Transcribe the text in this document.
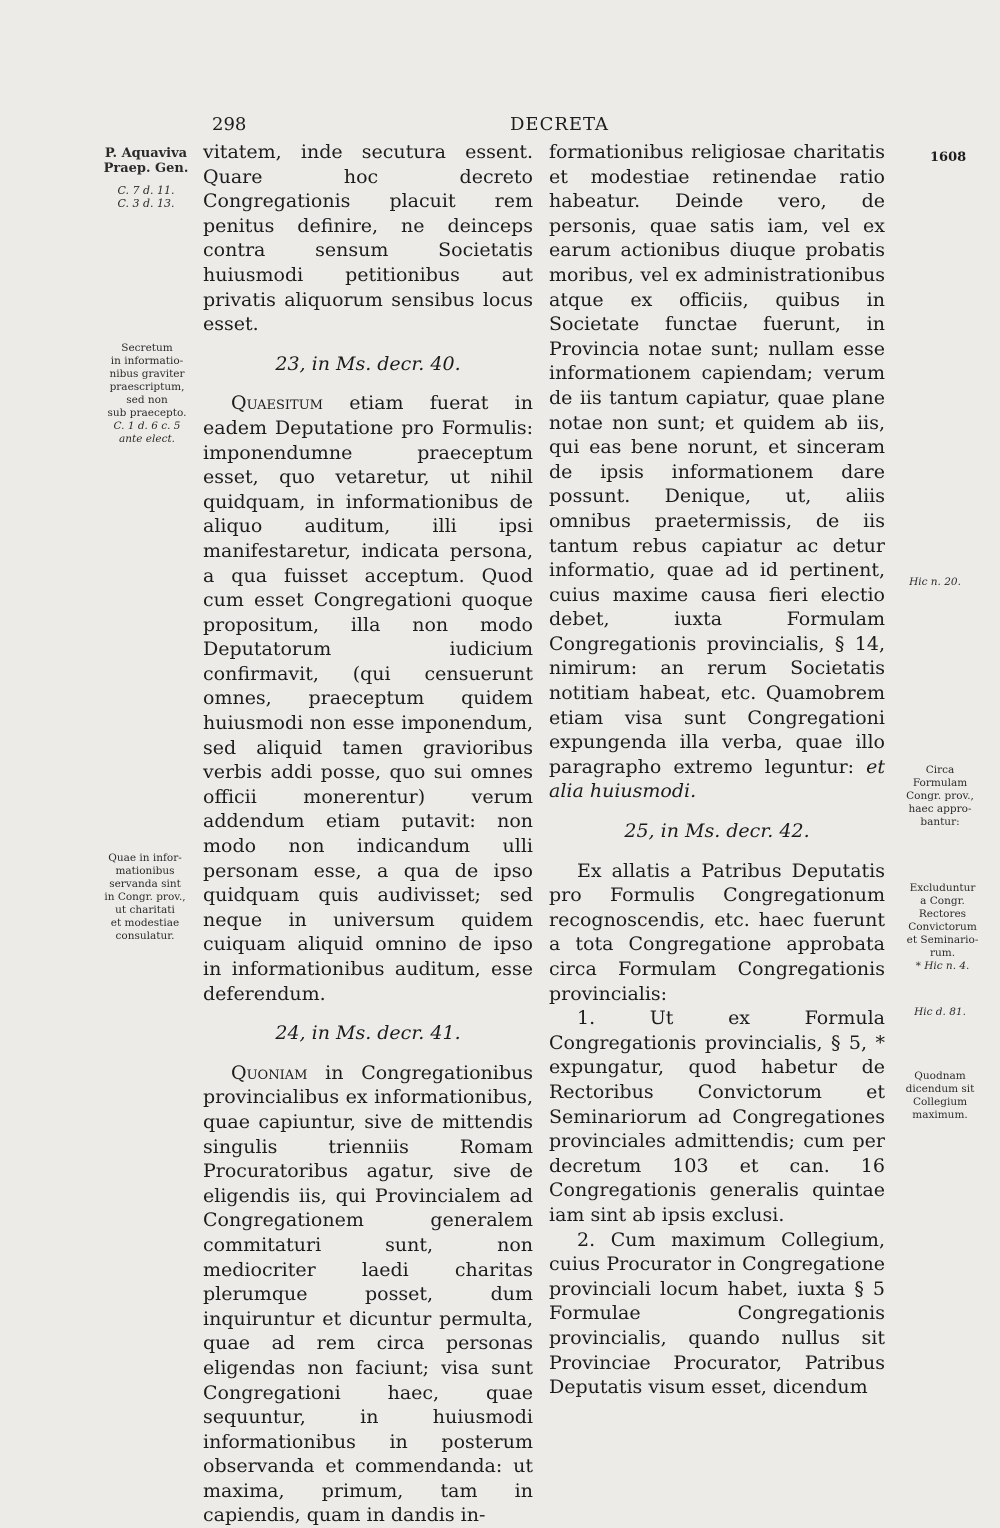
298	DECRETA
1608
P. Aquaviva
Praep. Gen.
C. 7 d. 11.
C. 3 d. 13.
Secretum
in informatio-
nibus graviter
praescriptum,
sed non
sub praecepto.
C. 1 d. 6 c. 5
ante elect.
Quae in infor-
mationibus
servanda sint
in Congr. prov.,
ut charitati
et modestiae
consulatur.
Hic n. 20.
Circa
Formulam
Congr. prov.,
haec appro-
bantur:
Excluduntur
a Congr.
Rectores
Convictorum
et Seminario-
rum.
* Hic n. 4.
Hic d. 81.
Quodnam
dicendum sit
Collegium
maximum.

vitatem, inde secutura essent. Quare hoc decreto Congregationis placuit rem penitus definire, ne deinceps contra sensum Societatis huiusmodi petitionibus aut privatis aliquorum sensibus locus esset.

23, in Ms. decr. 40.

Quaesitum etiam fuerat in eadem Deputatione pro Formulis: imponendumne praeceptum esset, quo vetaretur, ut nihil quidquam, in informationibus de aliquo auditum, illi ipsi manifestaretur, indicata persona, a qua fuisset acceptum. Quod cum esset Congregationi quoque propositum, illa non modo Deputatorum iudicium confirmavit, (qui censuerunt omnes, praeceptum quidem huiusmodi non esse imponendum, sed aliquid tamen gravioribus verbis addi posse, quo sui omnes officii monerentur) verum addendum etiam putavit: non modo non indicandum ulli personam esse, a qua de ipso quidquam quis audivisset; sed neque in universum quidem cuiquam aliquid omnino de ipso in informationibus auditum, esse deferendum.

24, in Ms. decr. 41.

Quoniam in Congregationibus provincialibus ex informationibus, quae capiuntur, sive de mittendis singulis trienniis Romam Procuratoribus agatur, sive de eligendis iis, qui Provincialem ad Congregationem generalem commitaturi sunt, non mediocriter laedi charitas plerumque posset, dum inquiruntur et dicuntur permulta, quae ad rem circa personas eligendas non faciunt; visa sunt Congregationi haec, quae sequuntur, in huiusmodi informationibus in posterum observanda et commendanda: ut maxima, primum, tam in capiendis, quam in dandis in-

formationibus religiosae charitatis et modestiae retinendae ratio habeatur. Deinde vero, de personis, quae satis iam, vel ex earum actionibus diuque probatis moribus, vel ex administrationibus atque ex officiis, quibus in Societate functae fuerunt, in Provincia notae sunt; nullam esse informationem capiendam; verum de iis tantum capiatur, quae plane notae non sunt; et quidem ab iis, qui eas bene norunt, et sinceram de ipsis informationem dare possunt. Denique, ut, aliis omnibus praetermissis, de iis tantum rebus capiatur ac detur informatio, quae ad id pertinent, cuius maxime causa fieri electio debet, iuxta Formulam Congregationis provincialis, § 14, nimirum: an rerum Societatis notitiam habeat, etc. Quamobrem etiam visa sunt Congregationi expungenda illa verba, quae illo paragrapho extremo leguntur: et alia huiusmodi.

25, in Ms. decr. 42.

Ex allatis a Patribus Deputatis pro Formulis Congregationum recognoscendis, etc. haec fuerunt a tota Congregatione approbata circa Formulam Congregationis provincialis:

1. Ut ex Formula Congregationis provincialis, § 5, * expungatur, quod habetur de Rectoribus Convictorum et Seminariorum ad Congregationes provinciales admittendis; cum per decretum 103 et can. 16 Congregationis generalis quintae iam sint ab ipsis exclusi.

2. Cum maximum Collegium, cuius Procurator in Congregatione provinciali locum habet, iuxta § 5 Formulae Congregationis provincialis, quando nullus sit Provinciae Procurator, Patribus Deputatis visum esset, dicendum
